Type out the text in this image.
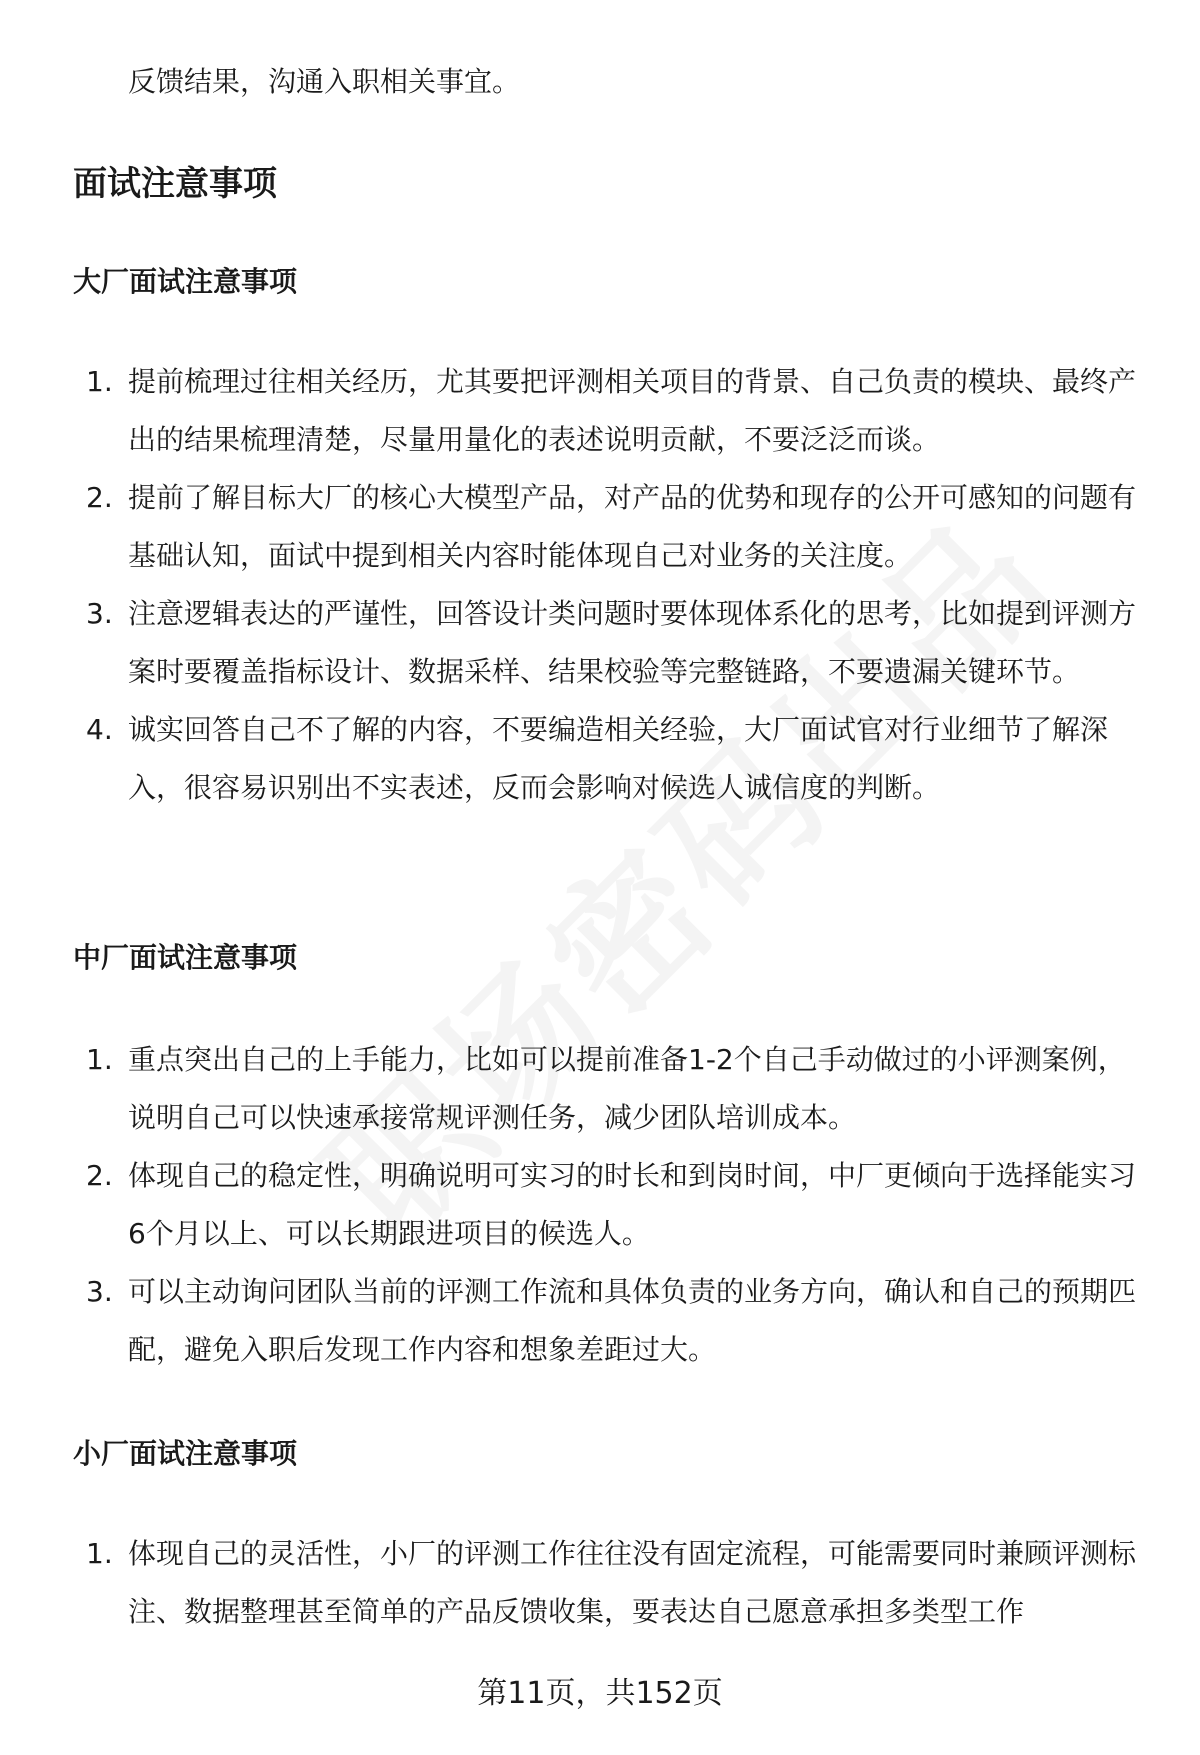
反馈结果，沟通入职相关事宜。
面试注意事项
大厂面试注意事项
1. 提前梳理过往相关经历，尤其要把评测相关项目的背景、自己负责的模块、最终产出的结果梳理清楚，尽量用量化的表述说明贡献，不要泛泛而谈。
2. 提前了解目标大厂的核心大模型产品，对产品的优势和现存的公开可感知的问题有基础认知，面试中提到相关内容时能体现自己对业务的关注度。
3. 注意逻辑表达的严谨性，回答设计类问题时要体现体系化的思考，比如提到评测方案时要覆盖指标设计、数据采样、结果校验等完整链路，不要遗漏关键环节。
4. 诚实回答自己不了解的内容，不要编造相关经验，大厂面试官对行业细节了解深入，很容易识别出不实表述，反而会影响对候选人诚信度的判断。
中厂面试注意事项
1. 重点突出自己的上手能力，比如可以提前准备1-2个自己手动做过的小评测案例，说明自己可以快速承接常规评测任务，减少团队培训成本。
2. 体现自己的稳定性，明确说明可实习的时长和到岗时间，中厂更倾向于选择能实习6个月以上、可以长期跟进项目的候选人。
3. 可以主动询问团队当前的评测工作流和具体负责的业务方向，确认和自己的预期匹配，避免入职后发现工作内容和想象差距过大。
小厂面试注意事项
1. 体现自己的灵活性，小厂的评测工作往往没有固定流程，可能需要同时兼顾评测标注、数据整理甚至简单的产品反馈收集，要表达自己愿意承担多类型工作
第11页，共152页
